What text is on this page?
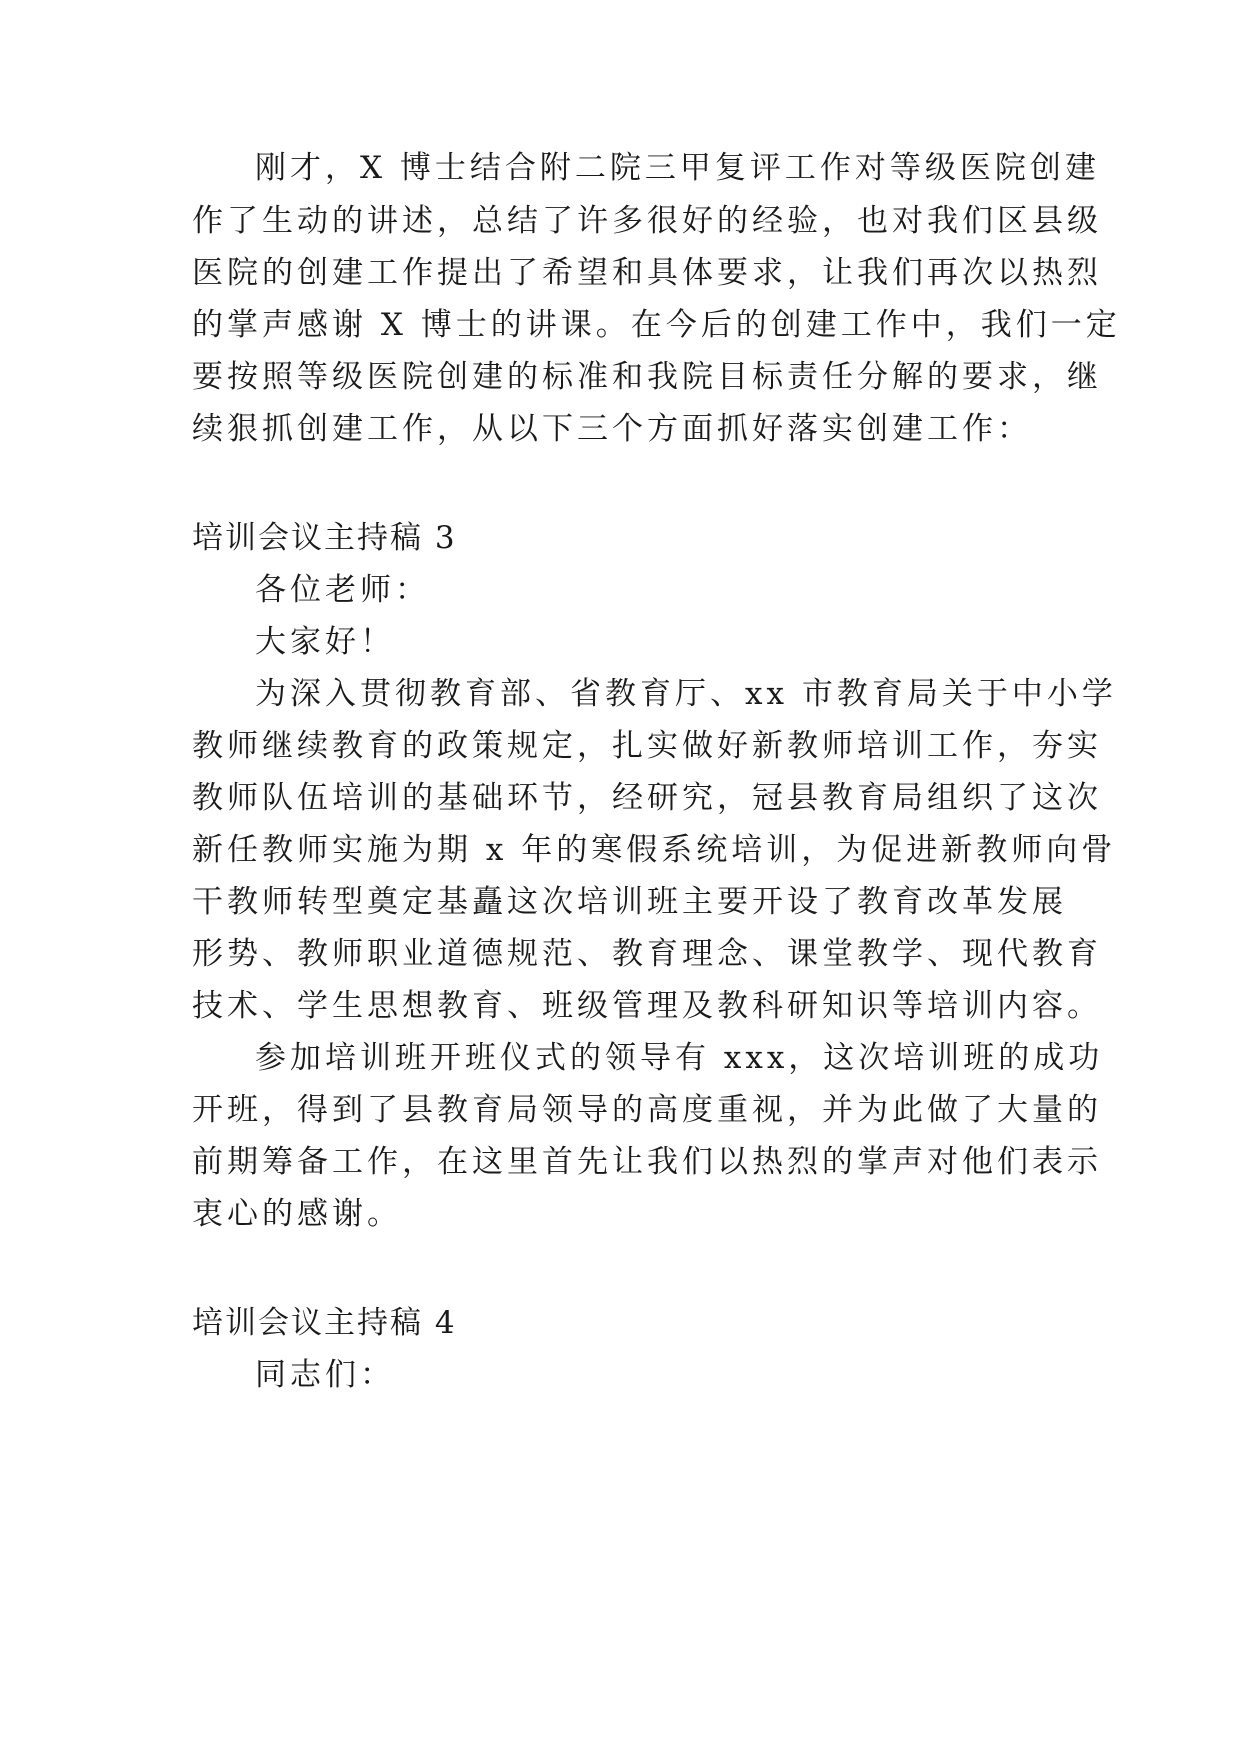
刚才，X 博士结合附二院三甲复评工作对等级医院创建
作了生动的讲述，总结了许多很好的经验，也对我们区县级
医院的创建工作提出了希望和具体要求，让我们再次以热烈
的掌声感谢 X 博士的讲课。在今后的创建工作中，我们一定
要按照等级医院创建的标准和我院目标责任分解的要求，继
续狠抓创建工作，从以下三个方面抓好落实创建工作：
培训会议主持稿 3
各位老师：
大家好！
为深入贯彻教育部、省教育厅、xx 市教育局关于中小学
教师继续教育的政策规定，扎实做好新教师培训工作，夯实
教师队伍培训的基础环节，经研究，冠县教育局组织了这次
新任教师实施为期 x 年的寒假系统培训，为促进新教师向骨
干教师转型奠定基矗这次培训班主要开设了教育改革发展
形势、教师职业道德规范、教育理念、课堂教学、现代教育
技术、学生思想教育、班级管理及教科研知识等培训内容。
参加培训班开班仪式的领导有 xxx，这次培训班的成功
开班，得到了县教育局领导的高度重视，并为此做了大量的
前期筹备工作，在这里首先让我们以热烈的掌声对他们表示
衷心的感谢。
培训会议主持稿 4
同志们：
